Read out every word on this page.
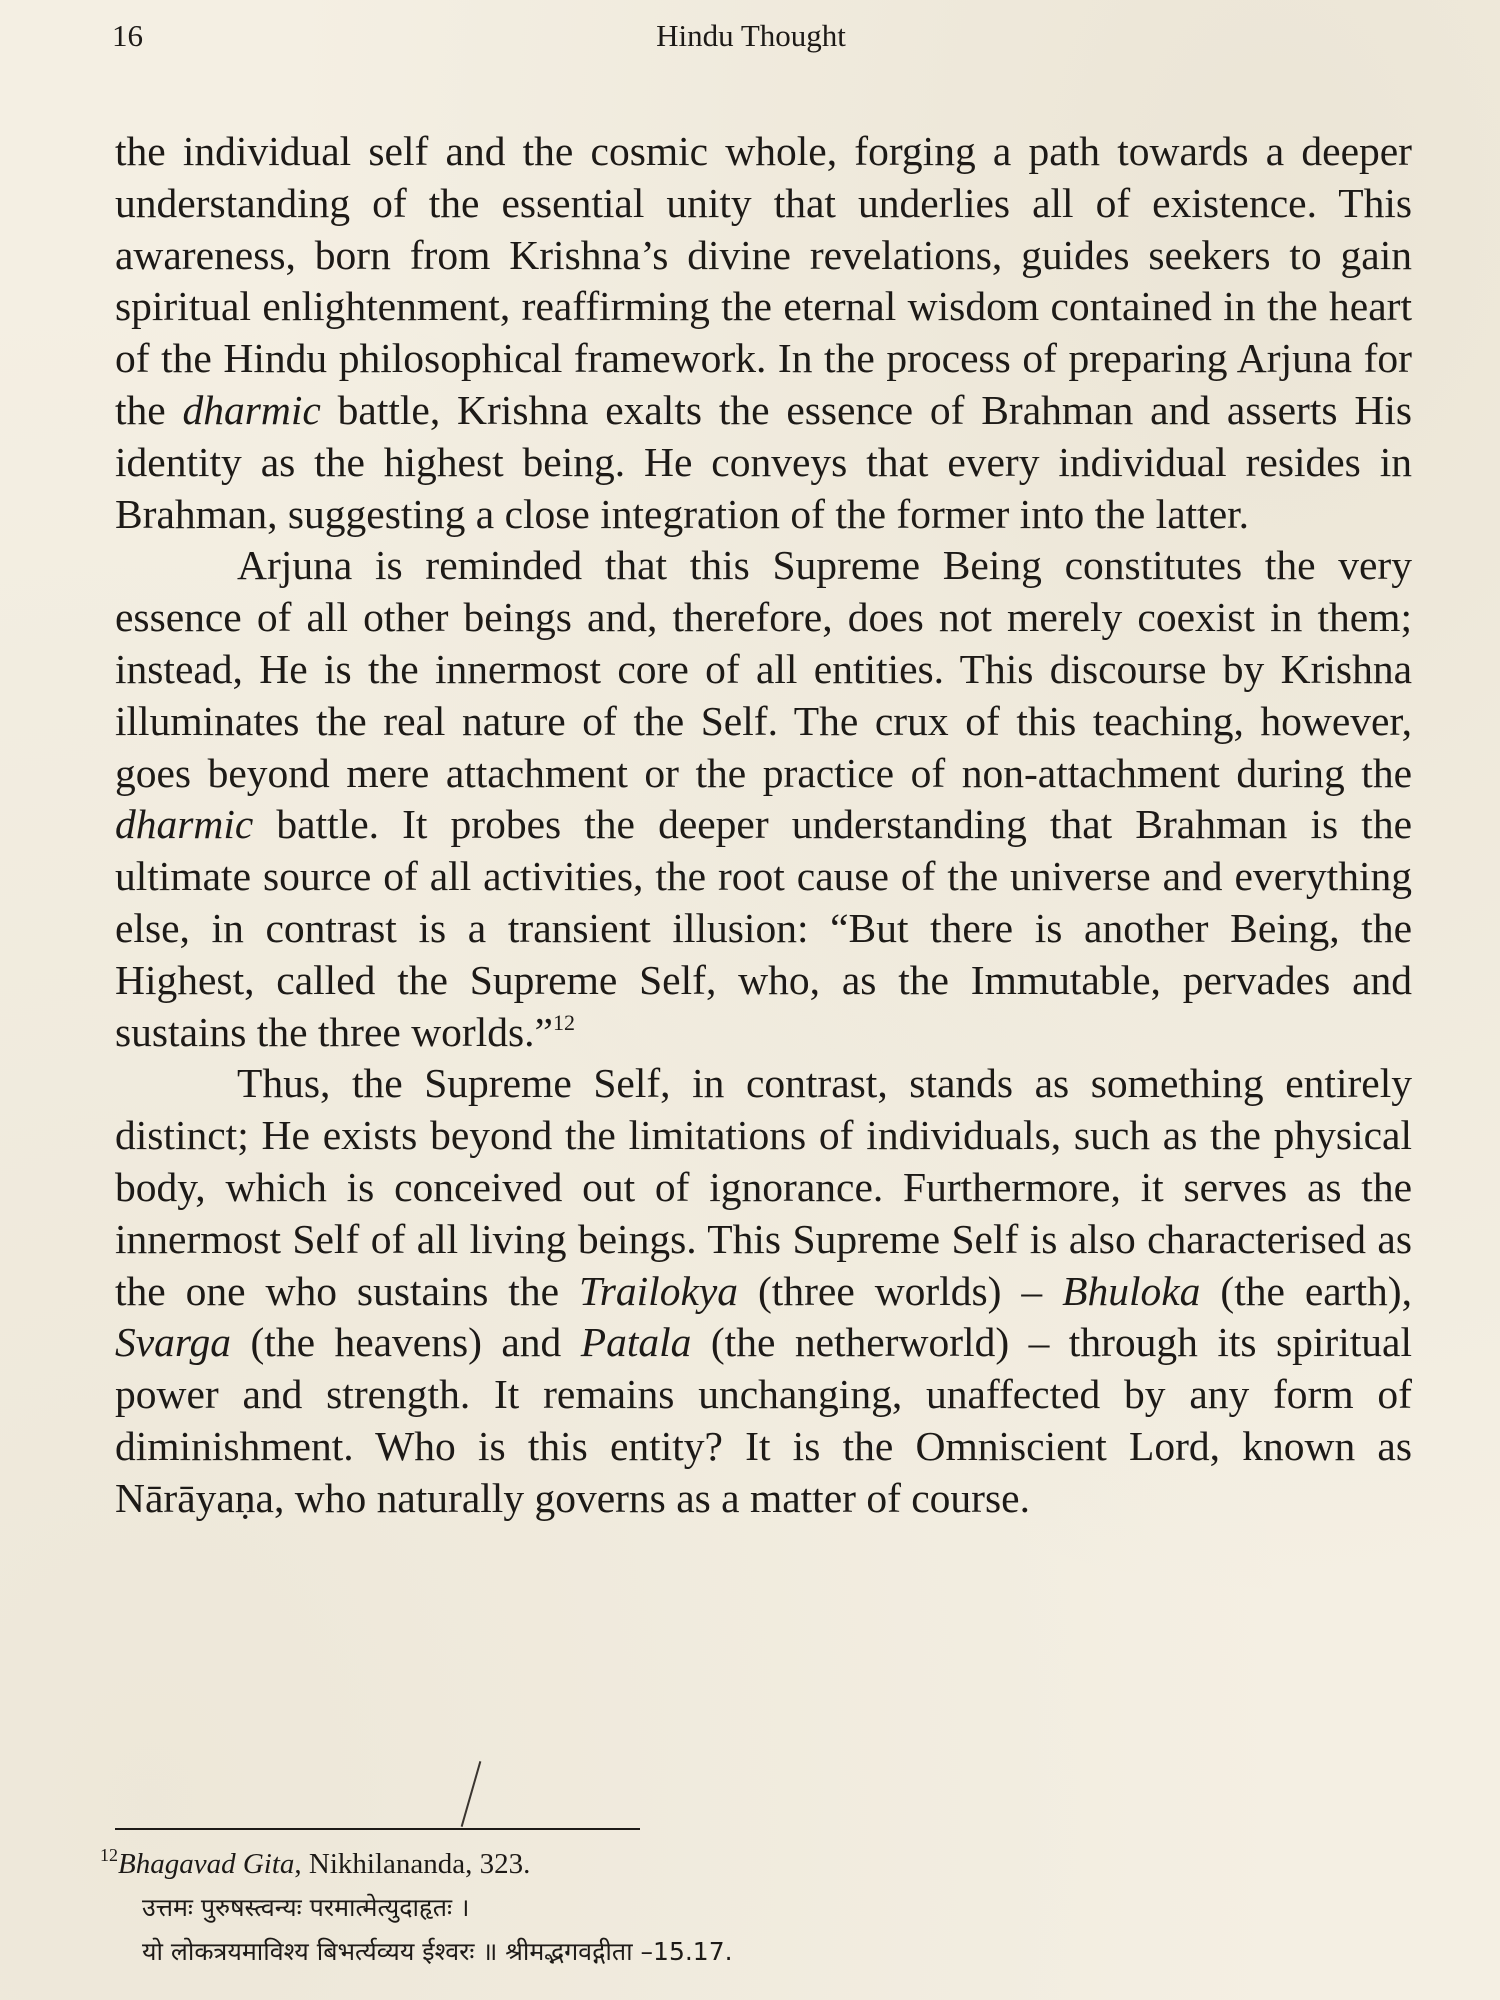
16	Hindu Thought

the individual self and the cosmic whole, forging a path towards a deeper understanding of the essential unity that underlies all of existence. This awareness, born from Krishna’s divine revelations, guides seekers to gain spiritual enlightenment, reaffirming the eternal wisdom contained in the heart of the Hindu philosophical framework. In the process of preparing Arjuna for the dharmic battle, Krishna exalts the essence of Brahman and asserts His identity as the highest being. He conveys that every individual resides in Brahman, suggesting a close integration of the former into the latter.

Arjuna is reminded that this Supreme Being constitutes the very essence of all other beings and, therefore, does not merely coexist in them; instead, He is the innermost core of all entities. This discourse by Krishna illuminates the real nature of the Self. The crux of this teaching, however, goes beyond mere attachment or the practice of non-attachment during the dharmic battle. It probes the deeper understanding that Brahman is the ultimate source of all activities, the root cause of the universe and everything else, in contrast is a transient illusion: “But there is another Being, the Highest, called the Supreme Self, who, as the Immutable, pervades and sustains the three worlds.”$^{12}$

Thus, the Supreme Self, in contrast, stands as something entirely distinct; He exists beyond the limitations of individuals, such as the physical body, which is conceived out of ignorance. Furthermore, it serves as the innermost Self of all living beings. This Supreme Self is also characterised as the one who sustains the Trailokya (three worlds) – Bhuloka (the earth), Svarga (the heavens) and Patala (the netherworld) – through its spiritual power and strength. It remains unchanging, unaffected by any form of diminishment. Who is this entity? It is the Omniscient Lord, known as Nārāyaṇa, who naturally governs as a matter of course.

$^{12}$Bhagavad Gita, Nikhilananda, 323.

उत्तमः पुरुषस्त्वन्यः परमात्मेत्युदाहृतः ।

यो लोकत्रयमाविश्य बिभर्त्यव्यय ईश्वरः ॥ श्रीमद्भगवद्गीता –15.17.
